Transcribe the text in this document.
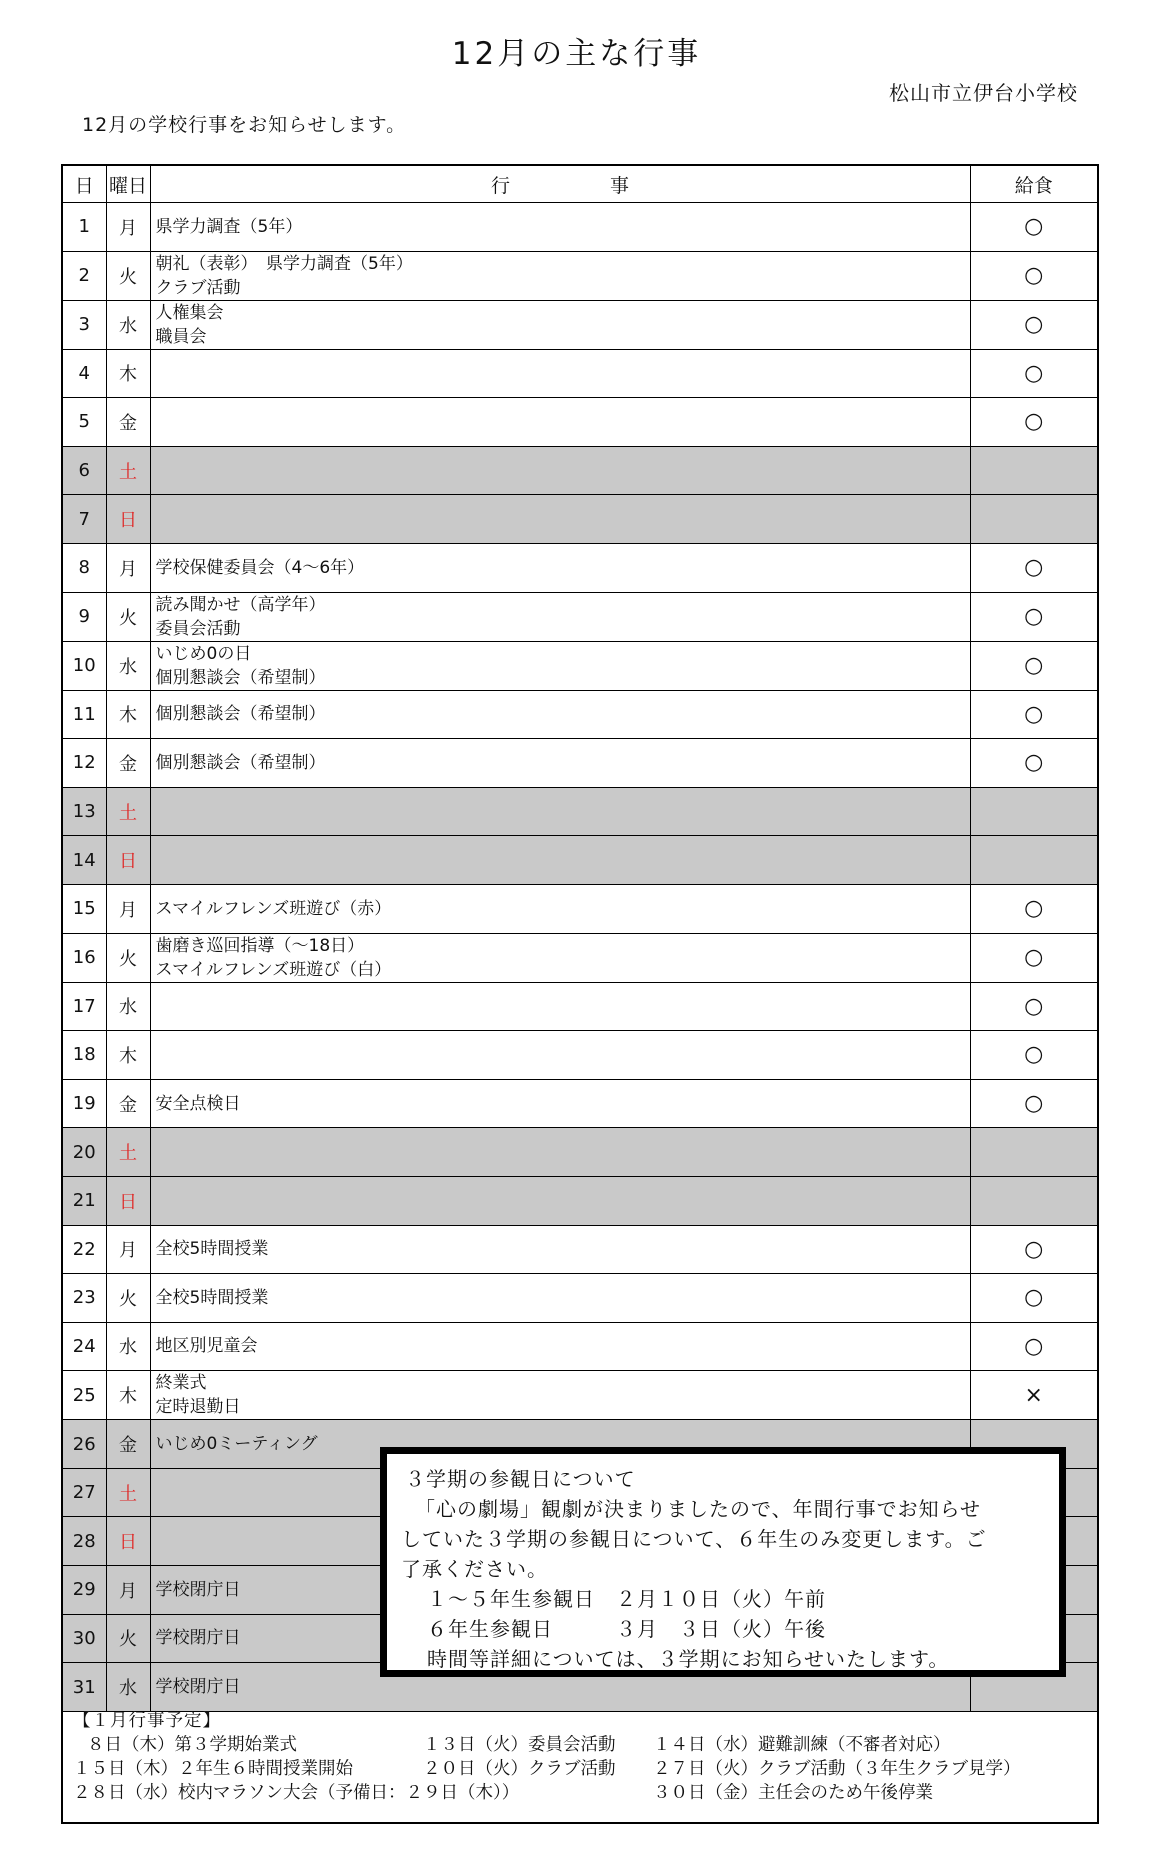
12月の主な行事
松山市立伊台小学校
12月の学校行事をお知らせします。
日	曜日	行 事	給食
1	月	県学力調査（5年）	○
2	火	朝礼（表彰）　県学力調査（5年）
クラブ活動	○
3	水	人権集会
職員会	○
4	木		○
5	金		○
6	土	

7	日	

8	月	学校保健委員会（4～6年）	○
9	火	読み聞かせ（高学年）
委員会活動	○
10	水	いじめ0の日
個別懇談会（希望制）	○
11	木	個別懇談会（希望制）	○
12	金	個別懇談会（希望制）	○
13	土	

14	日	

15	月	スマイルフレンズ班遊び（赤）	○
16	火	歯磨き巡回指導（～18日）
スマイルフレンズ班遊び（白）	○
17	水		○
18	木		○
19	金	安全点検日	○
20	土	

21	日	

22	月	全校5時間授業	○
23	火	全校5時間授業	○
24	水	地区別児童会	○
25	木	終業式
定時退勤日	×
26	金	いじめ0ミーティング	

27	土	

28	日	

29	月	学校閉庁日	

30	火	学校閉庁日	

31	水	学校閉庁日	

【１月行事予定】
８日（木）第３学期始業式	１３日（火）委員会活動 １４日（水）避難訓練（不審者対応）
１５日（木）２年生６時間授業開始	２０日（火）クラブ活動 ２７日（火）クラブ活動（３年生クラブ見学）
２８日（水）校内マラソン大会（予備日：２９日（木））	３０日（金）主任会のため午後停業
３学期の参観日について
「心の劇場」観劇が決まりましたので、年間行事でお知らせ
していた３学期の参観日について、６年生のみ変更します。ご
了承ください。
１～５年生参観日　２月１０日（火）午前
６年生参観日　　　３月　３日（火）午後
時間等詳細については、３学期にお知らせいたします。
